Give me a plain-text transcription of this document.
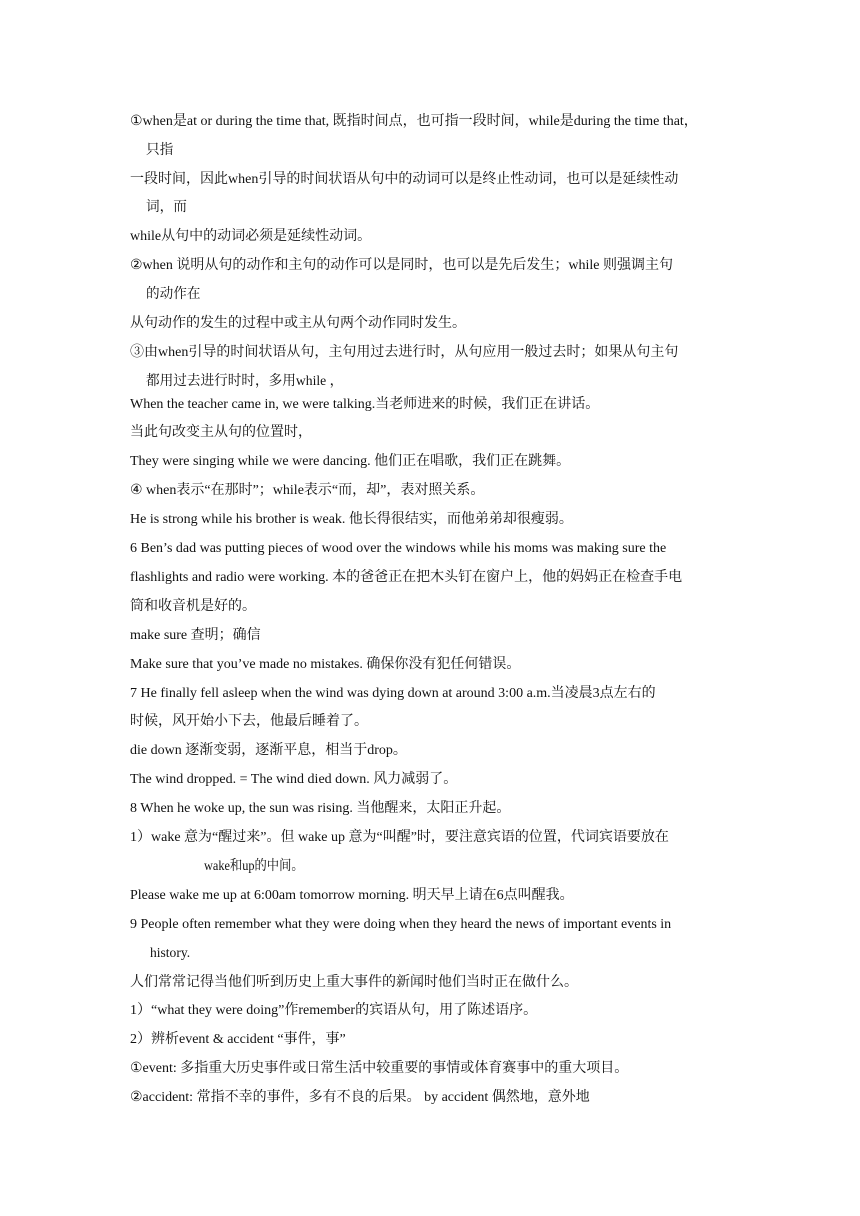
①when是at or during the time that, 既指时间点，也可指一段时间，while是during the time that，
只指
一段时间，因此when引导的时间状语从句中的动词可以是终止性动词，也可以是延续性动
词，而
while从句中的动词必须是延续性动词。
②when 说明从句的动作和主句的动作可以是同时，也可以是先后发生；while 则强调主句
的动作在
从句动作的发生的过程中或主从句两个动作同时发生。
③由when引导的时间状语从句，主句用过去进行时，从句应用一般过去时；如果从句主句
都用过去进行时时，多用while ，
When the teacher came in, we were talking.当老师进来的时候，我们正在讲话。
当此句改变主从句的位置时，
They were singing while we were dancing. 他们正在唱歌，我们正在跳舞。
④ when表示“在那时”；while表示“而，却”，表对照关系。
He is strong while his brother is weak. 他长得很结实，而他弟弟却很瘦弱。
6 Ben’s dad was putting pieces of wood over the windows while his moms was making sure the
flashlights and radio were working. 本的爸爸正在把木头钉在窗户上，他的妈妈正在检查手电
筒和收音机是好的。
make sure 查明；确信
Make sure that you’ve made no mistakes. 确保你没有犯任何错误。
7 He finally fell asleep when the wind was dying down at around 3:00 a.m.当凌晨3点左右的
时候，风开始小下去，他最后睡着了。
die down 逐渐变弱，逐渐平息，相当于drop。
The wind dropped. = The wind died down. 风力减弱了。
8 When he woke up, the sun was rising. 当他醒来，太阳正升起。
1）wake 意为“醒过来”。但 wake up 意为“叫醒”时，要注意宾语的位置，代词宾语要放在
wake和up的中间。
Please wake me up at 6:00am tomorrow morning. 明天早上请在6点叫醒我。
9 People often remember what they were doing when they heard the news of important events in
history.
人们常常记得当他们听到历史上重大事件的新闻时他们当时正在做什么。
1）“what they were doing”作remember的宾语从句，用了陈述语序。
2）辨析event & accident “事件，事”
①event: 多指重大历史事件或日常生活中较重要的事情或体育赛事中的重大项目。
②accident: 常指不幸的事件，多有不良的后果。 by accident 偶然地，意外地
